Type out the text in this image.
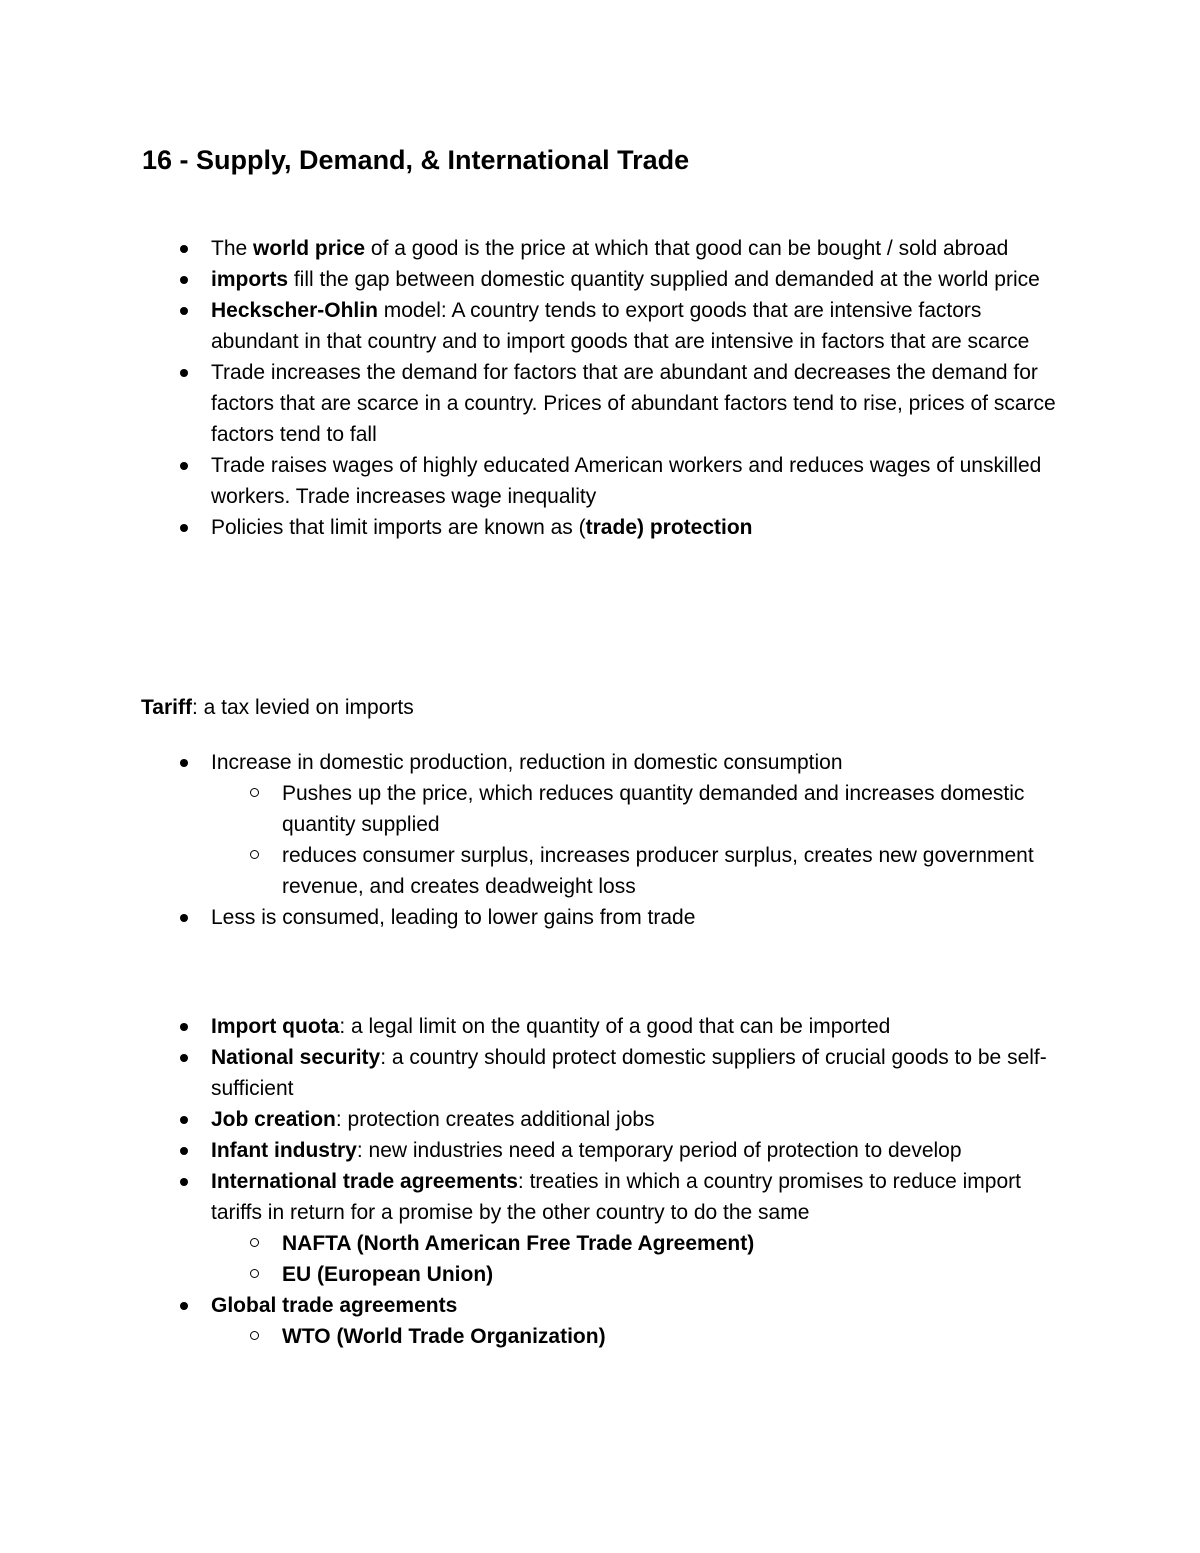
16 - Supply, Demand, & International Trade
The world price of a good is the price at which that good can be bought / sold abroad
imports fill the gap between domestic quantity supplied and demanded at the world price
Heckscher-Ohlin model: A country tends to export goods that are intensive factors abundant in that country and to import goods that are intensive in factors that are scarce
Trade increases the demand for factors that are abundant and decreases the demand for factors that are scarce in a country. Prices of abundant factors tend to rise, prices of scarce factors tend to fall
Trade raises wages of highly educated American workers and reduces wages of unskilled workers. Trade increases wage inequality
Policies that limit imports are known as (trade) protection

Tariff: a tax levied on imports

Increase in domestic production, reduction in domestic consumption
Pushes up the price, which reduces quantity demanded and increases domestic quantity supplied
reduces consumer surplus, increases producer surplus, creates new government revenue, and creates deadweight loss
Less is consumed, leading to lower gains from trade
Import quota: a legal limit on the quantity of a good that can be imported
National security: a country should protect domestic suppliers of crucial goods to be self-sufficient
Job creation: protection creates additional jobs
Infant industry: new industries need a temporary period of protection to develop
International trade agreements: treaties in which a country promises to reduce import tariffs in return for a promise by the other country to do the same
NAFTA (North American Free Trade Agreement)
EU (European Union)
Global trade agreements
WTO (World Trade Organization)
